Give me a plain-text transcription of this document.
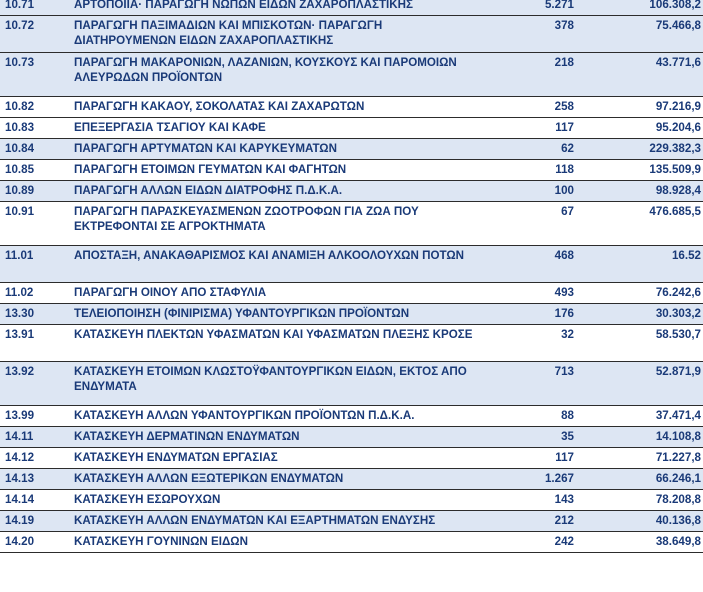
10.71	ΑΡΤΟΠΟΙΙΑ· ΠΑΡΑΓΩΓΗ ΝΩΠΩΝ ΕΙΔΩΝ ΖΑΧΑΡΟΠΛΑΣΤΙΚΗΣ	5.271	106.308,2
10.72	ΠΑΡΑΓΩΓΗ ΠΑΞΙΜΑΔΙΩΝ ΚΑΙ ΜΠΙΣΚΟΤΩΝ· ΠΑΡΑΓΩΓΗ ΔΙΑΤΗΡΟΥΜΕΝΩΝ ΕΙΔΩΝ ΖΑΧΑΡΟΠΛΑΣΤΙΚΗΣ	378	75.466,8
10.73	ΠΑΡΑΓΩΓΗ ΜΑΚΑΡΟΝΙΩΝ, ΛΑΖΑΝΙΩΝ, ΚΟΥΣΚΟΥΣ ΚΑΙ ΠΑΡΟΜΟΙΩΝ ΑΛΕΥΡΩΔΩΝ ΠΡΟΪΟΝΤΩΝ	218	43.771,6
10.82	ΠΑΡΑΓΩΓΗ ΚΑΚΑΟΥ, ΣΟΚΟΛΑΤΑΣ ΚΑΙ ΖΑΧΑΡΩΤΩΝ	258	97.216,9
10.83	ΕΠΕΞΕΡΓΑΣΙΑ ΤΣΑΓΙΟΥ ΚΑΙ ΚΑΦΕ	117	95.204,6
10.84	ΠΑΡΑΓΩΓΗ ΑΡΤΥΜΑΤΩΝ ΚΑΙ ΚΑΡΥΚΕΥΜΑΤΩΝ	62	229.382,3
10.85	ΠΑΡΑΓΩΓΗ ΕΤΟΙΜΩΝ ΓΕΥΜΑΤΩΝ ΚΑΙ ΦΑΓΗΤΩΝ	118	135.509,9
10.89	ΠΑΡΑΓΩΓΗ ΑΛΛΩΝ ΕΙΔΩΝ ΔΙΑΤΡΟΦΗΣ Π.Δ.Κ.Α.	100	98.928,4
10.91	ΠΑΡΑΓΩΓΗ ΠΑΡΑΣΚΕΥΑΣΜΕΝΩΝ ΖΩΟΤΡΟΦΩΝ ΓΙΑ ΖΩΑ ΠΟΥ ΕΚΤΡΕΦΟΝΤΑΙ ΣΕ ΑΓΡΟΚΤΗΜΑΤΑ	67	476.685,5
11.01	ΑΠΟΣΤΑΞΗ, ΑΝΑΚΑΘΑΡΙΣΜΟΣ ΚΑΙ ΑΝΑΜΙΞΗ ΑΛΚΟΟΛΟΥΧΩΝ ΠΟΤΩΝ	468	16.52
11.02	ΠΑΡΑΓΩΓΗ ΟΙΝΟΥ ΑΠΟ ΣΤΑΦΥΛΙΑ	493	76.242,6
13.30	ΤΕΛΕΙΟΠΟΙΗΣΗ (ΦΙΝΙΡΙΣΜΑ) ΥΦΑΝΤΟΥΡΓΙΚΩΝ ΠΡΟΪΟΝΤΩΝ	176	30.303,2
13.91	ΚΑΤΑΣΚΕΥΗ ΠΛΕΚΤΩΝ ΥΦΑΣΜΑΤΩΝ ΚΑΙ ΥΦΑΣΜΑΤΩΝ ΠΛΕΞΗΣ ΚΡΟΣΕ	32	58.530,7
13.92	ΚΑΤΑΣΚΕΥΗ ΕΤΟΙΜΩΝ ΚΛΩΣΤΟΫΦΑΝΤΟΥΡΓΙΚΩΝ ΕΙΔΩΝ, ΕΚΤΟΣ ΑΠΟ ΕΝΔΥΜΑΤΑ	713	52.871,9
13.99	ΚΑΤΑΣΚΕΥΗ ΑΛΛΩΝ ΥΦΑΝΤΟΥΡΓΙΚΩΝ ΠΡΟΪΟΝΤΩΝ Π.Δ.Κ.Α.	88	37.471,4
14.11	ΚΑΤΑΣΚΕΥΗ ΔΕΡΜΑΤΙΝΩΝ ΕΝΔΥΜΑΤΩΝ	35	14.108,8
14.12	ΚΑΤΑΣΚΕΥΗ ΕΝΔΥΜΑΤΩΝ ΕΡΓΑΣΙΑΣ	117	71.227,8
14.13	ΚΑΤΑΣΚΕΥΗ ΑΛΛΩΝ ΕΞΩΤΕΡΙΚΩΝ ΕΝΔΥΜΑΤΩΝ	1.267	66.246,1
14.14	ΚΑΤΑΣΚΕΥΗ ΕΣΩΡΟΥΧΩΝ	143	78.208,8
14.19	ΚΑΤΑΣΚΕΥΗ ΑΛΛΩΝ ΕΝΔΥΜΑΤΩΝ ΚΑΙ ΕΞΑΡΤΗΜΑΤΩΝ ΕΝΔΥΣΗΣ	212	40.136,8
14.20	ΚΑΤΑΣΚΕΥΗ ΓΟΥΝΙΝΩΝ ΕΙΔΩΝ	242	38.649,8
